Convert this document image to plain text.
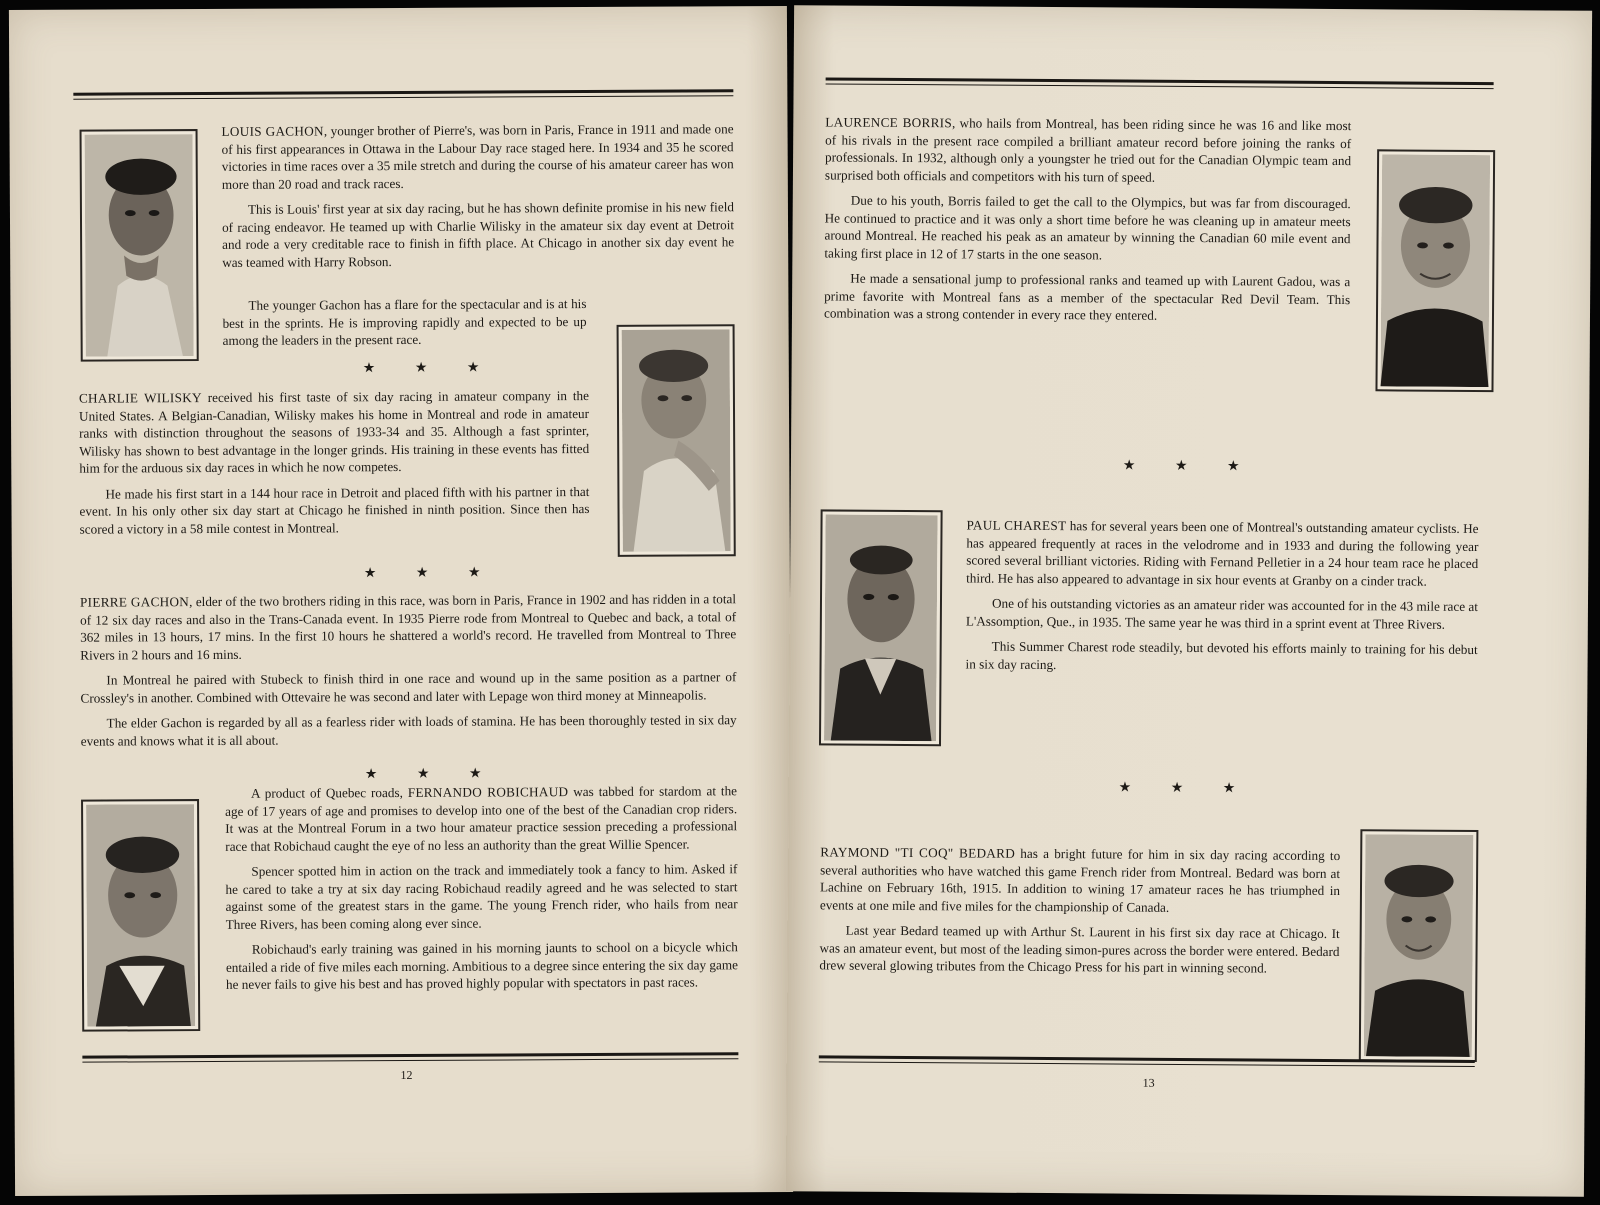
LOUIS GACHON, younger brother of Pierre's, was born in Paris, France in 1911 and made one of his first appearances in Ottawa in the Labour Day race staged here. In 1934 and 35 he scored victories in time races over a 35 mile stretch and during the course of his amateur career has won more than 20 road and track races.

This is Louis' first year at six day racing, but he has shown definite promise in his new field of racing endeavor. He teamed up with Charlie Wilisky in the amateur six day event at Detroit and rode a very creditable race to finish in fifth place. At Chicago in another six day event he was teamed with Harry Robson.

The younger Gachon has a flare for the spectacular and is at his best in the sprints. He is improving rapidly and expected to be up among the leaders in the present race.

★ ★ ★

CHARLIE WILISKY received his first taste of six day racing in amateur company in the United States. A Belgian-Canadian, Wilisky makes his home in Montreal and rode in amateur ranks with distinction throughout the seasons of 1933-34 and 35. Although a fast sprinter, Wilisky has shown to best advantage in the longer grinds. His training in these events has fitted him for the arduous six day races in which he now competes.

He made his first start in a 144 hour race in Detroit and placed fifth with his partner in that event. In his only other six day start at Chicago he finished in ninth position. Since then has scored a victory in a 58 mile contest in Montreal.

★ ★ ★

PIERRE GACHON, elder of the two brothers riding in this race, was born in Paris, France in 1902 and has ridden in a total of 12 six day races and also in the Trans-Canada event. In 1935 Pierre rode from Montreal to Quebec and back, a total of 362 miles in 13 hours, 17 mins. In the first 10 hours he shattered a world's record. He travelled from Montreal to Three Rivers in 2 hours and 16 mins.

In Montreal he paired with Stubeck to finish third in one race and wound up in the same position as a partner of Crossley's in another. Combined with Ottevaire he was second and later with Lepage won third money at Minneapolis.

The elder Gachon is regarded by all as a fearless rider with loads of stamina. He has been thoroughly tested in six day events and knows what it is all about.

★ ★ ★

A product of Quebec roads, FERNANDO ROBICHAUD was tabbed for stardom at the age of 17 years of age and promises to develop into one of the best of the Canadian crop riders. It was at the Montreal Forum in a two hour amateur practice session preceding a professional race that Robichaud caught the eye of no less an authority than the great Willie Spencer.

Spencer spotted him in action on the track and immediately took a fancy to him. Asked if he cared to take a try at six day racing Robichaud readily agreed and he was selected to start against some of the greatest stars in the game. The young French rider, who hails from near Three Rivers, has been coming along ever since.

Robichaud's early training was gained in his morning jaunts to school on a bicycle which entailed a ride of five miles each morning. Ambitious to a degree since entering the six day game he never fails to give his best and has proved highly popular with spectators in past races.

12

LAURENCE BORRIS, who hails from Montreal, has been riding since he was 16 and like most of his rivals in the present race compiled a brilliant amateur record before joining the ranks of professionals. In 1932, although only a youngster he tried out for the Canadian Olympic team and surprised both officials and competitors with his turn of speed.

Due to his youth, Borris failed to get the call to the Olympics, but was far from discouraged. He continued to practice and it was only a short time before he was cleaning up in amateur meets around Montreal. He reached his peak as an amateur by winning the Canadian 60 mile event and taking first place in 12 of 17 starts in the one season.

He made a sensational jump to professional ranks and teamed up with Laurent Gadou, was a prime favorite with Montreal fans as a member of the spectacular Red Devil Team. This combination was a strong contender in every race they entered.

★ ★ ★

PAUL CHAREST has for several years been one of Montreal's outstanding amateur cyclists. He has appeared frequently at races in the velodrome and in 1933 and during the following year scored several brilliant victories. Riding with Fernand Pelletier in a 24 hour team race he placed third. He has also appeared to advantage in six hour events at Granby on a cinder track.

One of his outstanding victories as an amateur rider was accounted for in the 43 mile race at L'Assomption, Que., in 1935. The same year he was third in a sprint event at Three Rivers.

This Summer Charest rode steadily, but devoted his efforts mainly to training for his debut in six day racing.

★ ★ ★

RAYMOND "TI COQ" BEDARD has a bright future for him in six day racing according to several authorities who have watched this game French rider from Montreal. Bedard was born at Lachine on February 16th, 1915. In addition to wining 17 amateur races he has triumphed in events at one mile and five miles for the championship of Canada.

Last year Bedard teamed up with Arthur St. Laurent in his first six day race at Chicago. It was an amateur event, but most of the leading simon-pures across the border were entered. Bedard drew several glowing tributes from the Chicago Press for his part in winning second.

13
